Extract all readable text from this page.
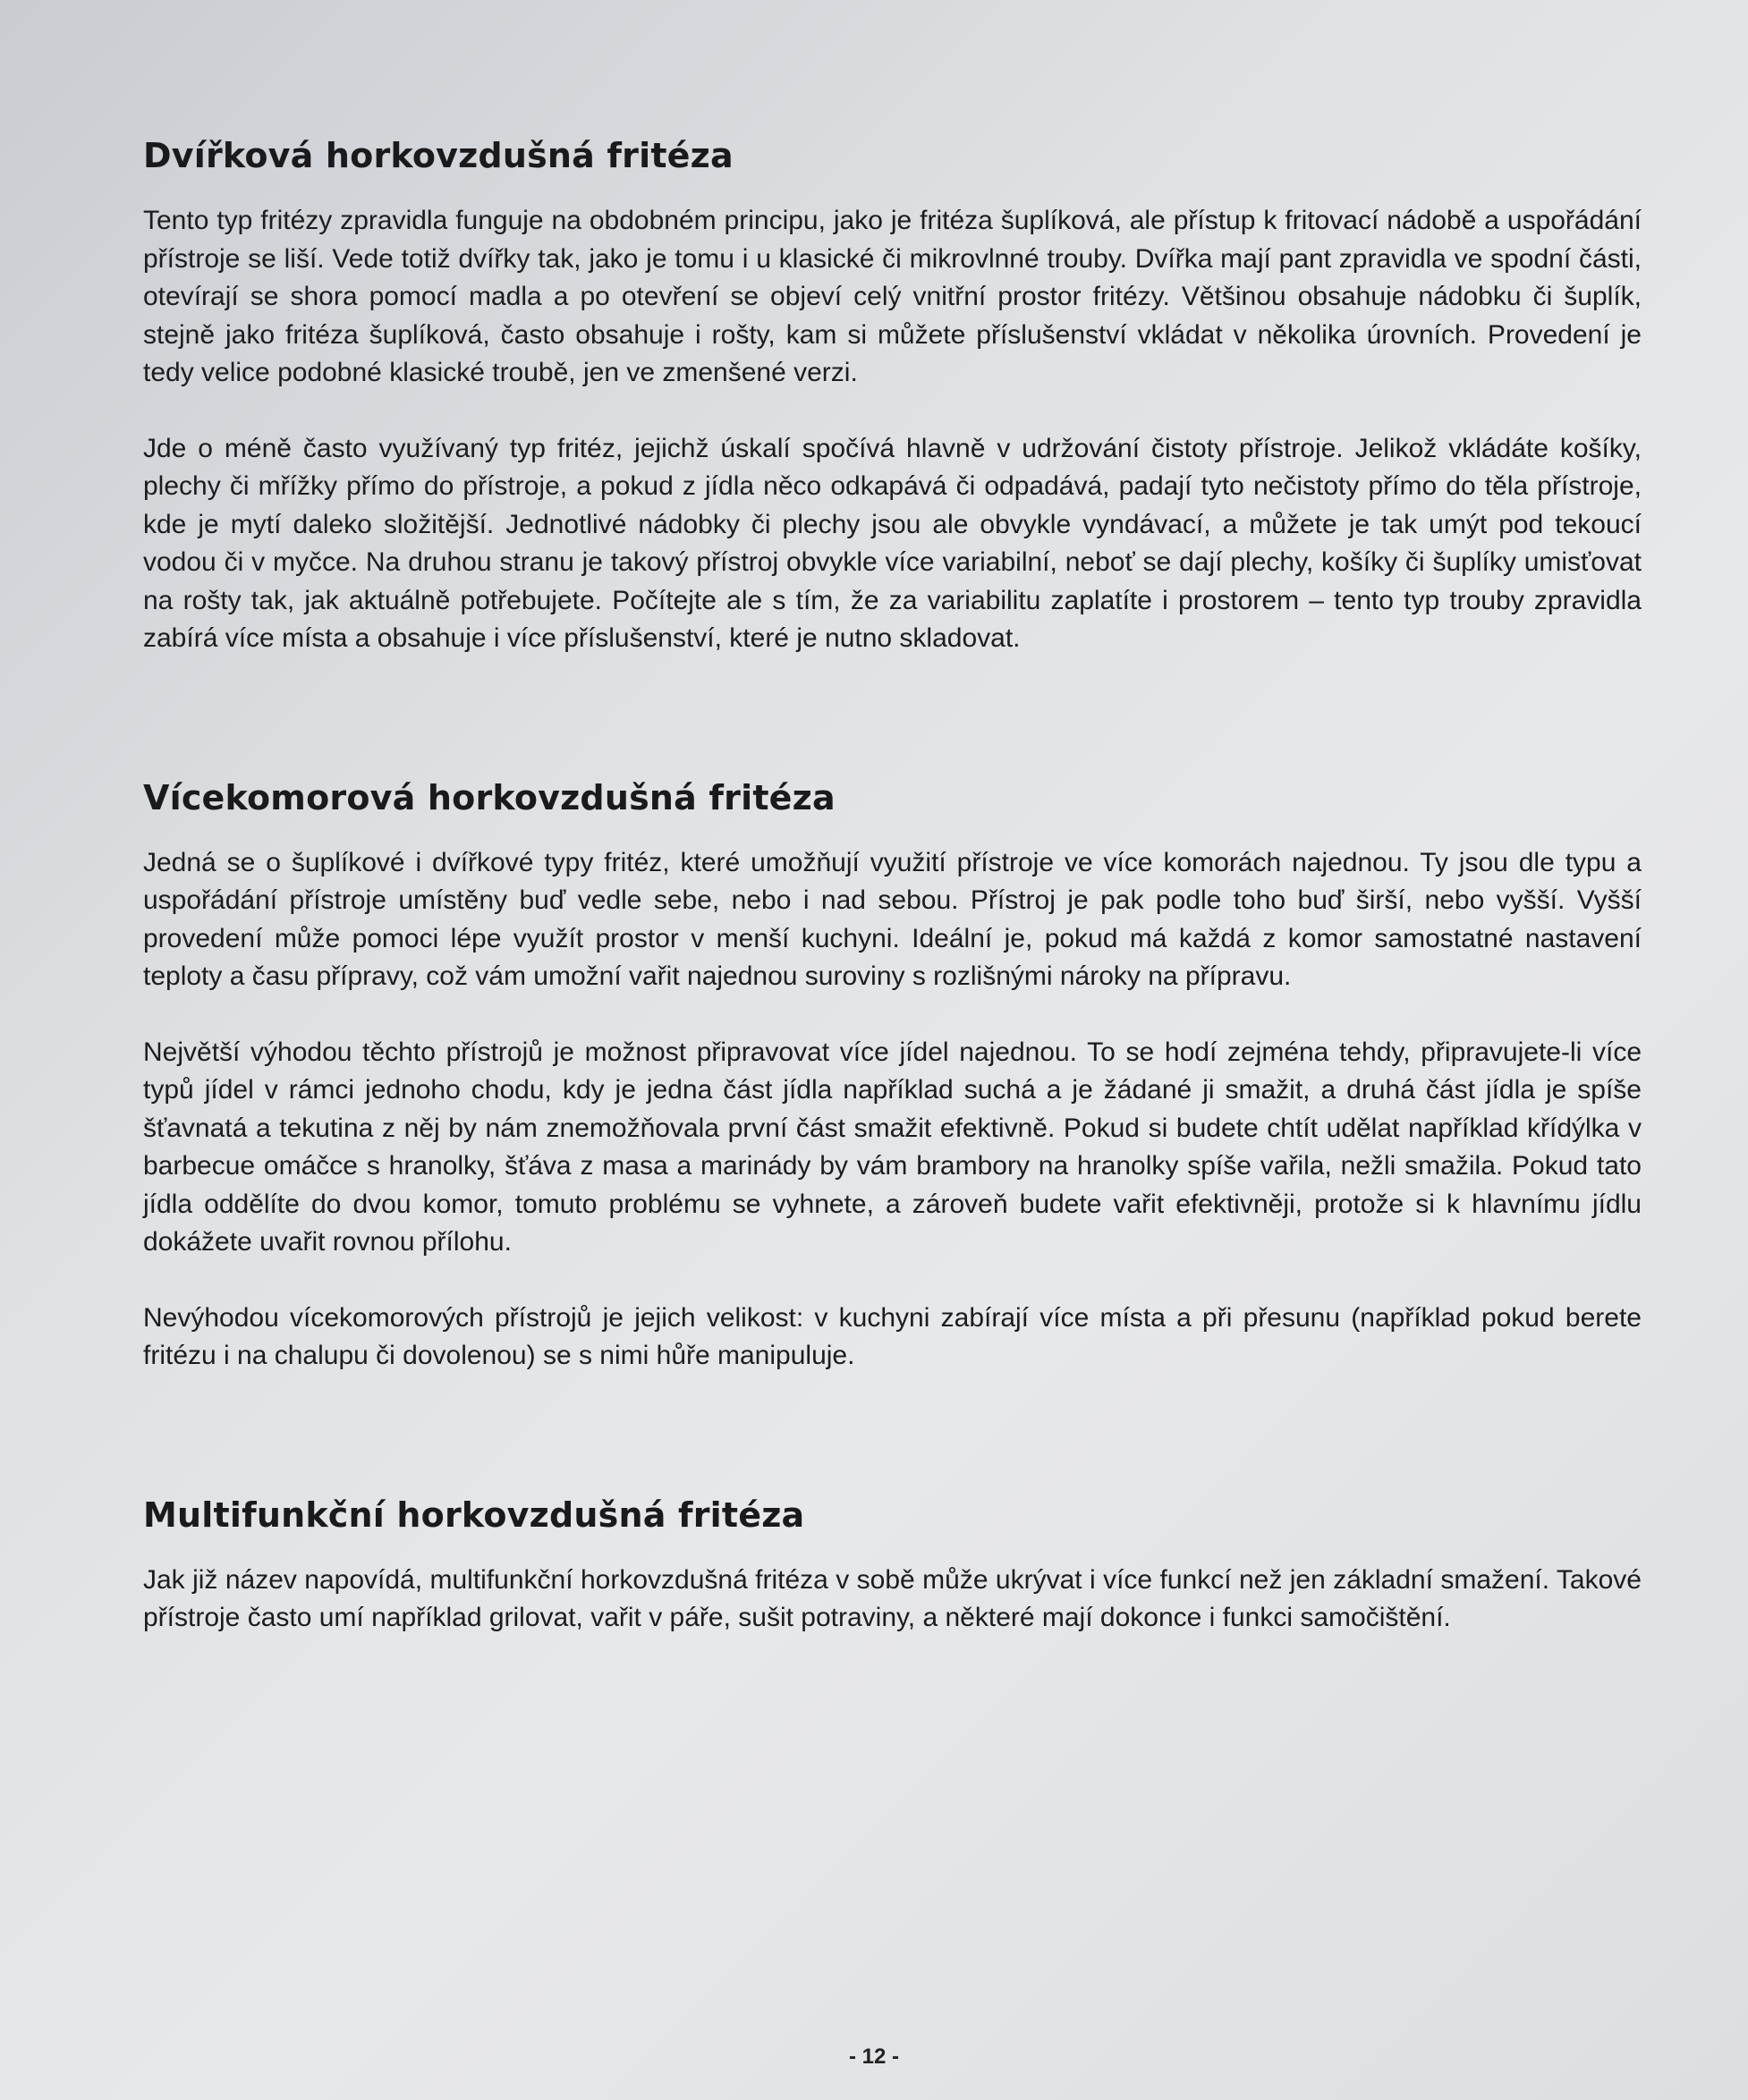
Dvířková horkovzdušná fritéza

Tento typ fritézy zpravidla funguje na obdobném principu, jako je fritéza šuplíková, ale přístup k fritovací nádobě a uspořádání přístroje se liší. Vede totiž dvířky tak, jako je tomu i u klasické či mikrovlnné trouby. Dvířka mají pant zpravidla ve spodní části, otevírají se shora pomocí madla a po otevření se objeví celý vnitřní prostor fritézy. Většinou obsahuje nádobku či šuplík, stejně jako fritéza šuplíková, často obsahuje i rošty, kam si můžete příslušenství vkládat v několika úrovních. Provedení je tedy velice podobné klasické troubě, jen ve zmenšené verzi.

Jde o méně často využívaný typ fritéz, jejichž úskalí spočívá hlavně v udržování čistoty přístroje. Jelikož vkládáte košíky, plechy či mřížky přímo do přístroje, a pokud z jídla něco odkapává či odpadává, padají tyto nečistoty přímo do těla přístroje, kde je mytí daleko složitější. Jednotlivé nádobky či plechy jsou ale obvykle vyndávací, a můžete je tak umýt pod tekoucí vodou či v myčce. Na druhou stranu je takový přístroj obvykle více variabilní, neboť se dají plechy, košíky či šuplíky umisťovat na rošty tak, jak aktuálně potřebujete. Počítejte ale s tím, že za variabilitu zaplatíte i prostorem – tento typ trouby zpravidla zabírá více místa a obsahuje i více příslušenství, které je nutno skladovat.

Vícekomorová horkovzdušná fritéza

Jedná se o šuplíkové i dvířkové typy fritéz, které umožňují využití přístroje ve více komorách najednou. Ty jsou dle typu a uspořádání přístroje umístěny buď vedle sebe, nebo i nad sebou. Přístroj je pak podle toho buď širší, nebo vyšší. Vyšší provedení může pomoci lépe využít prostor v menší kuchyni. Ideální je, pokud má každá z komor samostatné nastavení teploty a času přípravy, což vám umožní vařit najednou suroviny s rozlišnými nároky na přípravu.

Největší výhodou těchto přístrojů je možnost připravovat více jídel najednou. To se hodí zejména tehdy, připravujete-li více typů jídel v rámci jednoho chodu, kdy je jedna část jídla například suchá a je žádané ji smažit, a druhá část jídla je spíše šťavnatá a tekutina z něj by nám znemožňovala první část smažit efektivně. Pokud si budete chtít udělat například křídýlka v barbecue omáčce s hranolky, šťáva z masa a marinády by vám brambory na hranolky spíše vařila, nežli smažila. Pokud tato jídla oddělíte do dvou komor, tomuto problému se vyhnete, a zároveň budete vařit efektivněji, protože si k hlavnímu jídlu dokážete uvařit rovnou přílohu.

Nevýhodou vícekomorových přístrojů je jejich velikost: v kuchyni zabírají více místa a při přesunu (například pokud berete fritézu i na chalupu či dovolenou) se s nimi hůře manipuluje.

Multifunkční horkovzdušná fritéza

Jak již název napovídá, multifunkční horkovzdušná fritéza v sobě může ukrývat i více funkcí než jen základní smažení. Takové přístroje často umí například grilovat, vařit v páře, sušit potraviny, a některé mají dokonce i funkci samočištění.

- 12 -
